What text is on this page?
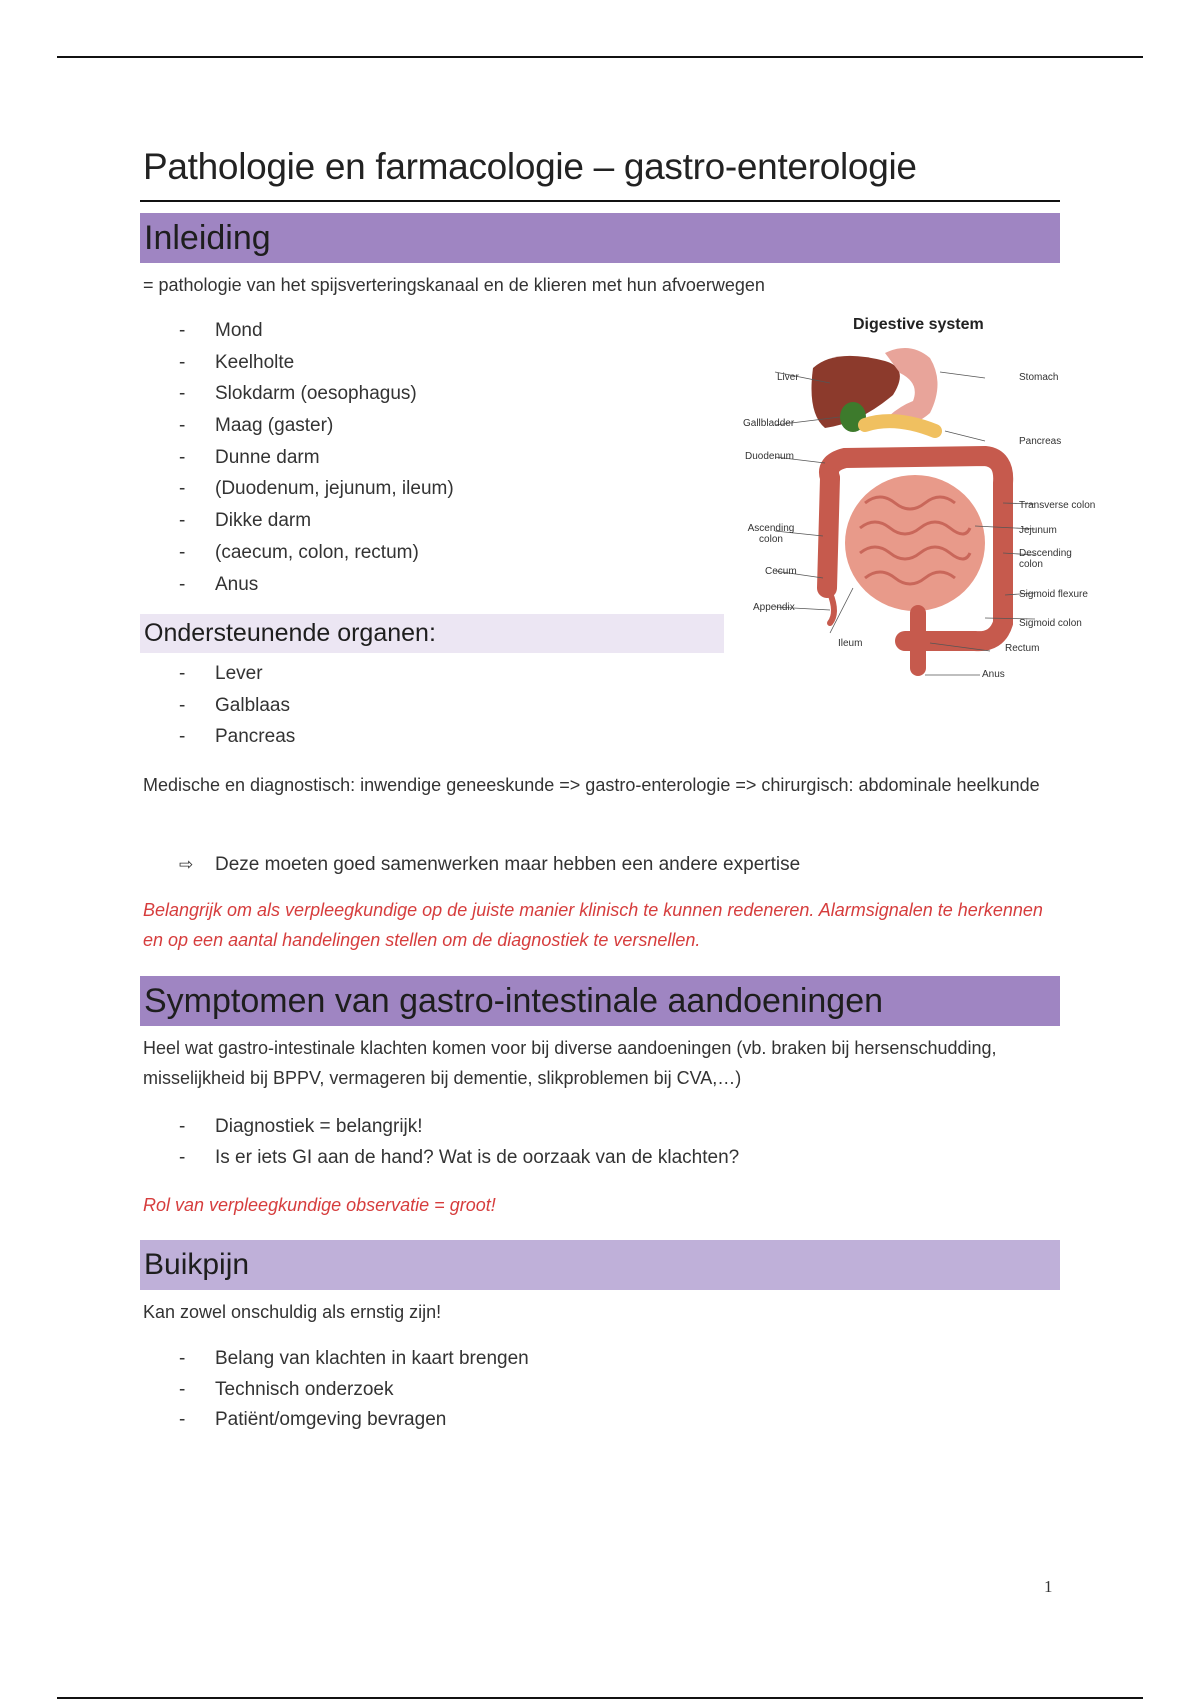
Pathologie en farmacologie – gastro-enterologie
Inleiding

= pathologie van het spijsverteringskanaal en de klieren met hun afvoerwegen

- Mond
- Keelholte
- Slokdarm (oesophagus)
- Maag (gaster)
- Dunne darm
- (Duodenum, jejunum, ileum)
- Dikke darm
- (caecum, colon, rectum)
- Anus
Ondersteunende organen:
- Lever
- Galblaas
- Pancreas

Medische en diagnostisch: inwendige geneeskunde => gastro-enterologie => chirurgisch: abdominale heelkunde

⇨ Deze moeten goed samenwerken maar hebben een andere expertise

Belangrijk om als verpleegkundige op de juiste manier klinisch te kunnen redeneren. Alarmsignalen te herkennen en op een aantal handelingen stellen om de diagnostiek te versnellen.

Digestive system

Liver
Gallbladder
Duodenum
Ascending colon
Cecum
Appendix
Ileum
Stomach
Pancreas
Transverse colon
Jejunum
Descending colon
Sigmoid flexure
Sigmoid colon
Rectum
Anus
Symptomen van gastro-intestinale aandoeningen

Heel wat gastro-intestinale klachten komen voor bij diverse aandoeningen (vb. braken bij hersenschudding, misselijkheid bij BPPV, vermageren bij dementie, slikproblemen bij CVA,…)

- Diagnostiek = belangrijk!
- Is er iets GI aan de hand? Wat is de oorzaak van de klachten?

Rol van verpleegkundige observatie = groot!

Buikpijn

Kan zowel onschuldig als ernstig zijn!

- Belang van klachten in kaart brengen
- Technisch onderzoek
- Patiënt/omgeving bevragen
1
